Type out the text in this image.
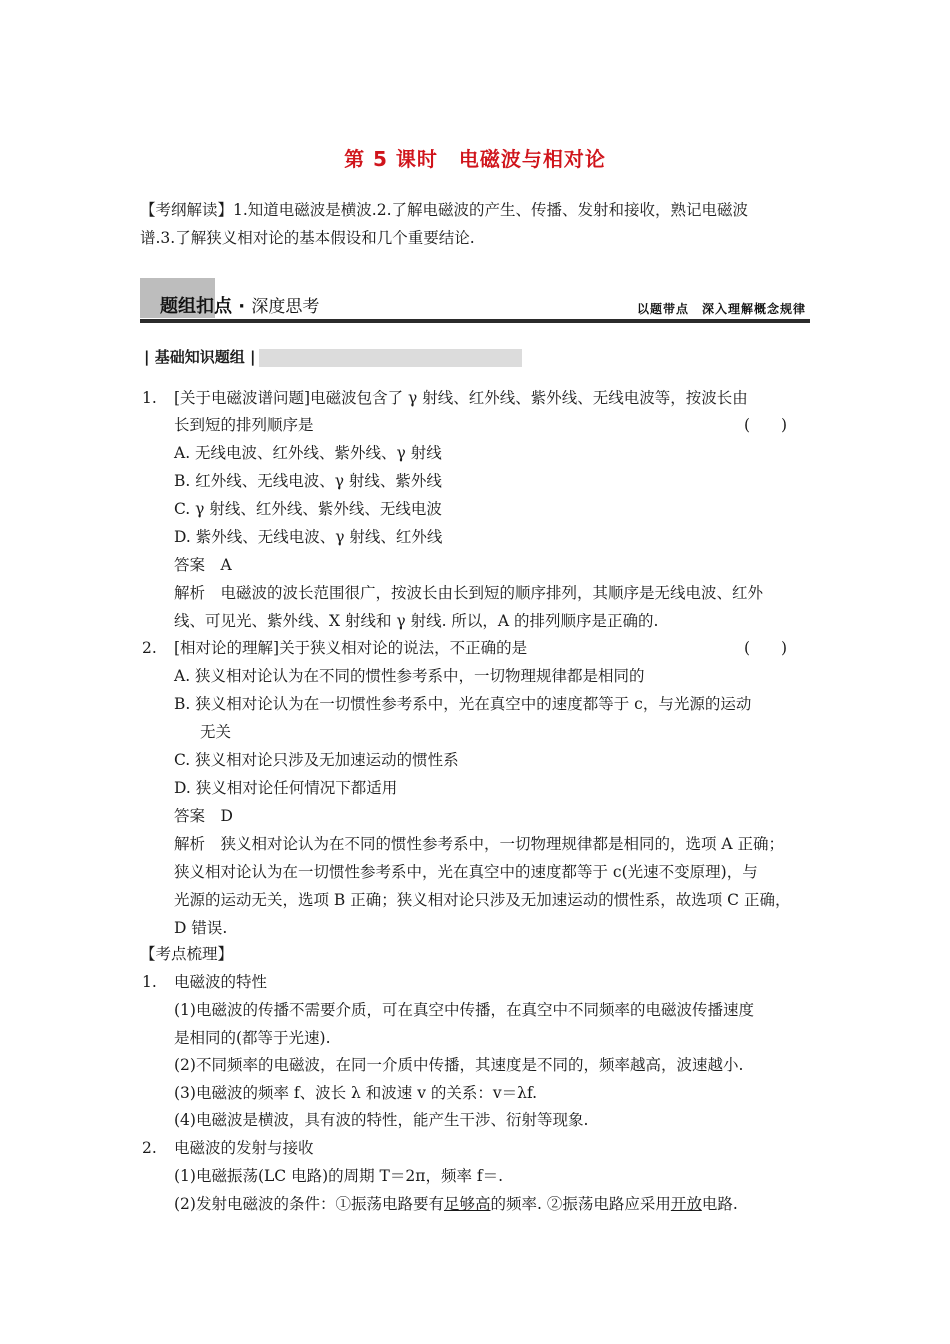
第 5 课时　电磁波与相对论
【考纲解读】1.知道电磁波是横波.2.了解电磁波的产生、传播、发射和接收，熟记电磁波
谱.3.了解狭义相对论的基本假设和几个重要结论.
题组扣点 · 深度思考	以题带点　深入理解概念规律
| 基础知识题组 |
1. [关于电磁波谱问题]电磁波包含了 γ 射线、红外线、紫外线、无线电波等，按波长由
长到短的排列顺序是	(　　)
A. 无线电波、红外线、紫外线、γ 射线
B. 红外线、无线电波、γ 射线、紫外线
C. γ 射线、红外线、紫外线、无线电波
D. 紫外线、无线电波、γ 射线、红外线
答案　A
解析　电磁波的波长范围很广，按波长由长到短的顺序排列，其顺序是无线电波、红外
线、可见光、紫外线、X 射线和 γ 射线. 所以，A 的排列顺序是正确的.
2. [相对论的理解]关于狭义相对论的说法，不正确的是	(　　)
A. 狭义相对论认为在不同的惯性参考系中，一切物理规律都是相同的
B. 狭义相对论认为在一切惯性参考系中，光在真空中的速度都等于 c，与光源的运动
无关
C. 狭义相对论只涉及无加速运动的惯性系
D. 狭义相对论任何情况下都适用
答案　D
解析　狭义相对论认为在不同的惯性参考系中，一切物理规律都是相同的，选项 A 正确；
狭义相对论认为在一切惯性参考系中，光在真空中的速度都等于 c(光速不变原理)，与
光源的运动无关，选项 B 正确；狭义相对论只涉及无加速运动的惯性系，故选项 C 正确，
D 错误.
【考点梳理】
1. 电磁波的特性
(1)电磁波的传播不需要介质，可在真空中传播，在真空中不同频率的电磁波传播速度
是相同的(都等于光速).
(2)不同频率的电磁波，在同一介质中传播，其速度是不同的，频率越高，波速越小.
(3)电磁波的频率 f、波长 λ 和波速 v 的关系：v＝λf.
(4)电磁波是横波，具有波的特性，能产生干涉、衍射等现象.
2. 电磁波的发射与接收
(1)电磁振荡(LC 电路)的周期 T＝2π，频率 f＝.
(2)发射电磁波的条件：①振荡电路要有足够高的频率. ②振荡电路应采用开放电路.
